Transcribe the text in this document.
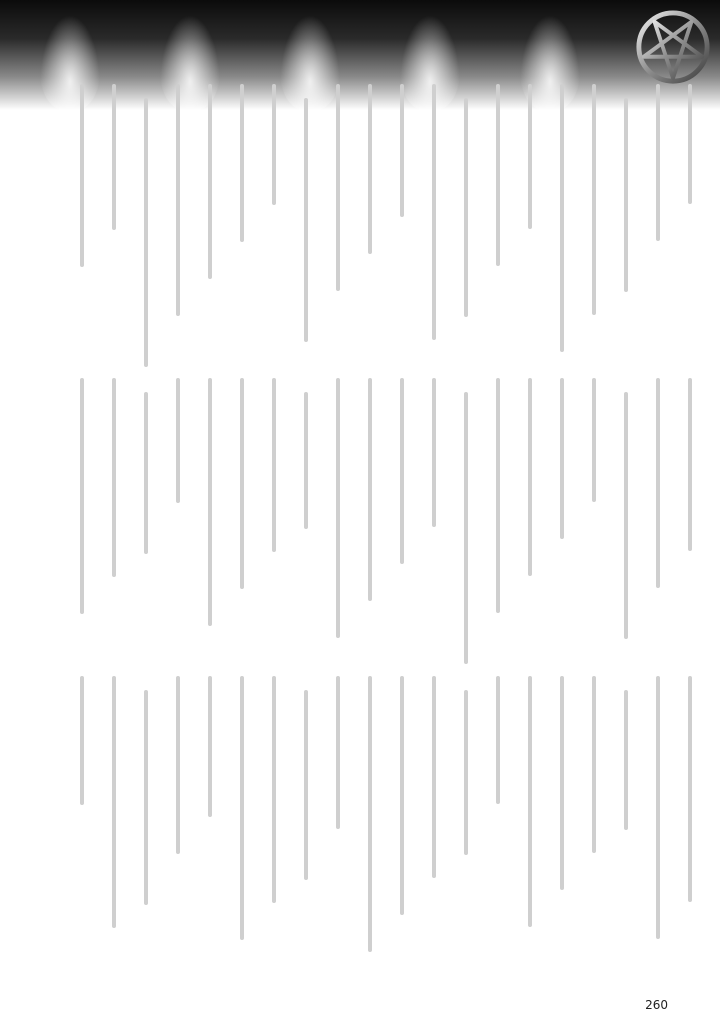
260
